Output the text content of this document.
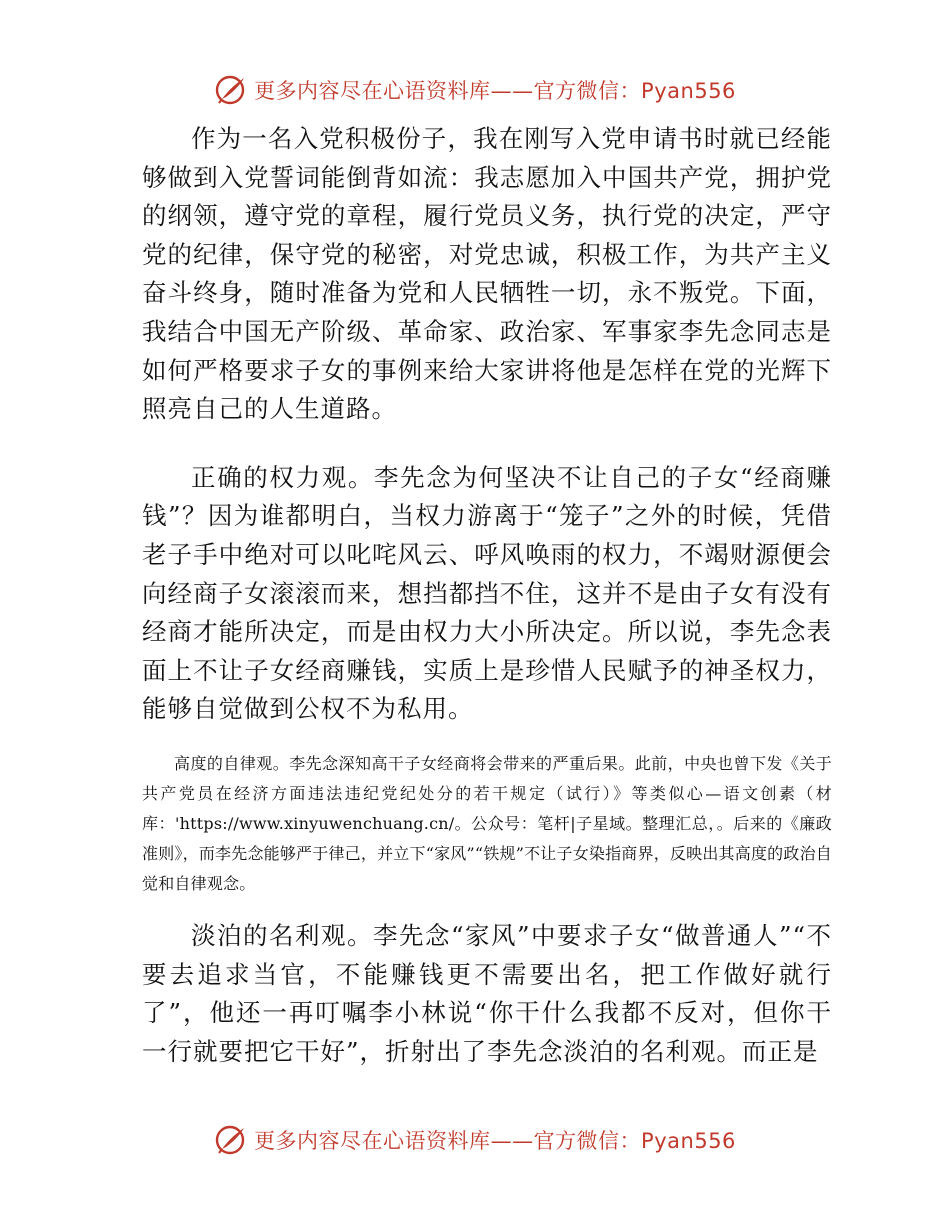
更多内容尽在心语资料库——官方微信：Pyan556

作为一名入党积极份子，我在刚写入党申请书时就已经能够做到入党誓词能倒背如流：我志愿加入中国共产党，拥护党的纲领，遵守党的章程，履行党员义务，执行党的决定，严守党的纪律，保守党的秘密，对党忠诚，积极工作，为共产主义奋斗终身，随时准备为党和人民牺牲一切，永不叛党。下面，我结合中国无产阶级、革命家、政治家、军事家李先念同志是如何严格要求子女的事例来给大家讲将他是怎样在党的光辉下照亮自己的人生道路。

正确的权力观。李先念为何坚决不让自己的子女“经商赚钱”？因为谁都明白，当权力游离于“笼子”之外的时候，凭借老子手中绝对可以叱咤风云、呼风唤雨的权力，不竭财源便会向经商子女滚滚而来，想挡都挡不住，这并不是由子女有没有经商才能所决定，而是由权力大小所决定。所以说，李先念表面上不让子女经商赚钱，实质上是珍惜人民赋予的神圣权力，能够自觉做到公权不为私用。

高度的自律观。李先念深知高干子女经商将会带来的严重后果。此前，中央也曾下发《关于共产党员在经济方面违法违纪党纪处分的若干规定（试行）》等类似心—语文创素（材库：'https://www.xinyuwenchuang.cn/。公众号：笔杆|子星域。整理汇总，。后来的《廉政准则》，而李先念能够严于律己，并立下“家风”“铁规”不让子女染指商界，反映出其高度的政治自觉和自律观念。

淡泊的名利观。李先念“家风”中要求子女“做普通人”“不要去追求当官，不能赚钱更不需要出名，把工作做好就行了”，他还一再叮嘱李小林说“你干什么我都不反对，但你干一行就要把它干好”，折射出了李先念淡泊的名利观。而正是

更多内容尽在心语资料库——官方微信：Pyan556
